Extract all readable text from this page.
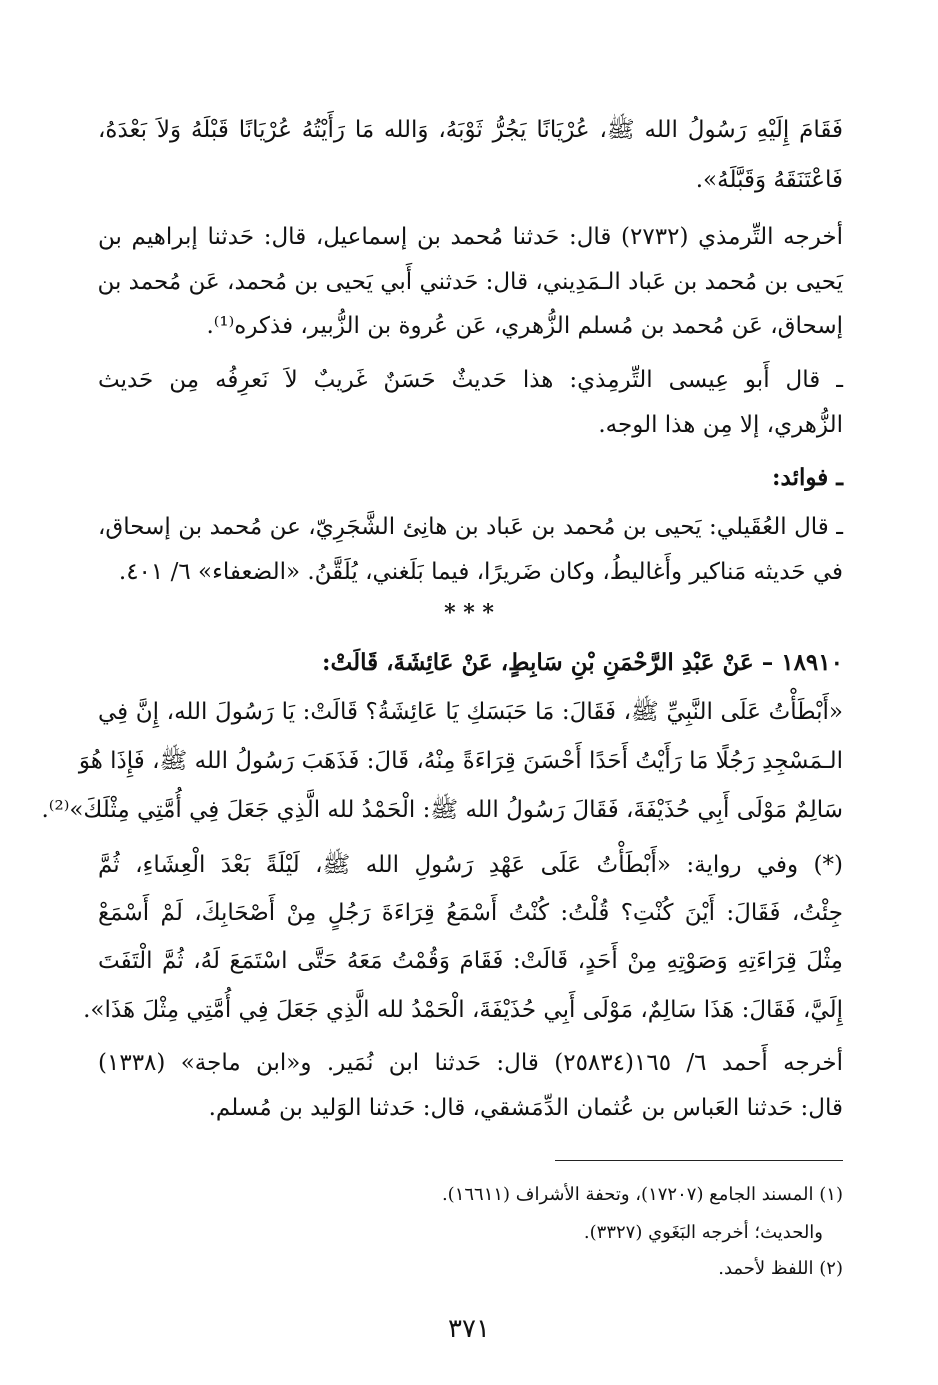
فَقَامَ إِلَيْهِ رَسُولُ الله ﷺ، عُرْيَانًا يَجُرُّ ثَوْبَهُ، وَالله مَا رَأَيْتُهُ عُرْيَانًا قَبْلَهُ وَلاَ بَعْدَهُ،
فَاعْتَنَقَهُ وَقَبَّلَهُ».
أخرجه التِّرمذي (٢٧٣٢) قال: حَدثنا مُحمد بن إسماعيل، قال: حَدثنا إبراهيم بن
يَحيى بن مُحمد بن عَباد الـمَدِيني، قال: حَدثني أَبي يَحيى بن مُحمد، عَن مُحمد بن
إسحاق، عَن مُحمد بن مُسلم الزُّهري، عَن عُروة بن الزُّبير، فذكره⁽¹⁾.
ـ قال أَبو عِيسى التِّرمِذي: هذا حَديثٌ حَسَنٌ غَريبٌ لاَ نَعرِفُه مِن حَديث
الزُّهري، إلا مِن هذا الوجه.
ـ فوائد:
ـ قال العُقَيلي: يَحيى بن مُحمد بن عَباد بن هانِئ الشَّجَرِيّ، عن مُحمد بن إسحاق،
في حَديثه مَناكير وأَغاليطُ، وكان ضَريرًا، فيما بَلَغني، يُلَقَّنُ. «الضعفاء» ٦/ ٤٠١.
* * *
١٨٩١٠ – عَنْ عَبْدِ الرَّحْمَنِ بْنِ سَابِطٍ، عَنْ عَائِشَةَ، قَالَتْ:
«أَبْطَأْتُ عَلَى النَّبِيِّ ﷺ، فَقَالَ: مَا حَبَسَكِ يَا عَائِشَةُ؟ قَالَتْ: يَا رَسُولَ الله، إِنَّ فِي
الـمَسْجِدِ رَجُلًا مَا رَأَيْتُ أَحَدًا أَحْسَنَ قِرَاءَةً مِنْهُ، قَالَ: فَذَهَبَ رَسُولُ الله ﷺ، فَإِذَا هُوَ
سَالِمٌ مَوْلَى أَبِي حُذَيْفَةَ، فَقَالَ رَسُولُ الله ﷺ: الْحَمْدُ لله الَّذِي جَعَلَ فِي أُمَّتِي مِثْلَكَ»⁽²⁾.
(*) وفي رواية: «أَبْطَأْتُ عَلَى عَهْدِ رَسُولِ الله ﷺ، لَيْلَةً بَعْدَ الْعِشَاءِ، ثُمَّ
جِئْتُ، فَقَالَ: أَيْنَ كُنْتِ؟ قُلْتُ: كُنْتُ أَسْمَعُ قِرَاءَةَ رَجُلٍ مِنْ أَصْحَابِكَ، لَمْ أَسْمَعْ
مِثْلَ قِرَاءَتِهِ وَصَوْتِهِ مِنْ أَحَدٍ، قَالَتْ: فَقَامَ وَقُمْتُ مَعَهُ حَتَّى اسْتَمَعَ لَهُ، ثُمَّ الْتَفَتَ
إِلَيَّ، فَقَالَ: هَذَا سَالِمٌ، مَوْلَى أَبِي حُذَيْفَةَ، الْحَمْدُ لله الَّذِي جَعَلَ فِي أُمَّتِي مِثْلَ هَذَا».
أخرجه أَحمد ٦/ ١٦٥(٢٥٨٣٤) قال: حَدثنا ابن نُمَير. و«ابن ماجة» (١٣٣٨)
قال: حَدثنا العَباس بن عُثمان الدِّمَشقي، قال: حَدثنا الوَليد بن مُسلم.
(١) المسند الجامع (١٧٢٠٧)، وتحفة الأشراف (١٦٦١١).
والحديث؛ أخرجه البَغَوي (٣٣٢٧).
(٢) اللفظ لأحمد.
٣٧١
